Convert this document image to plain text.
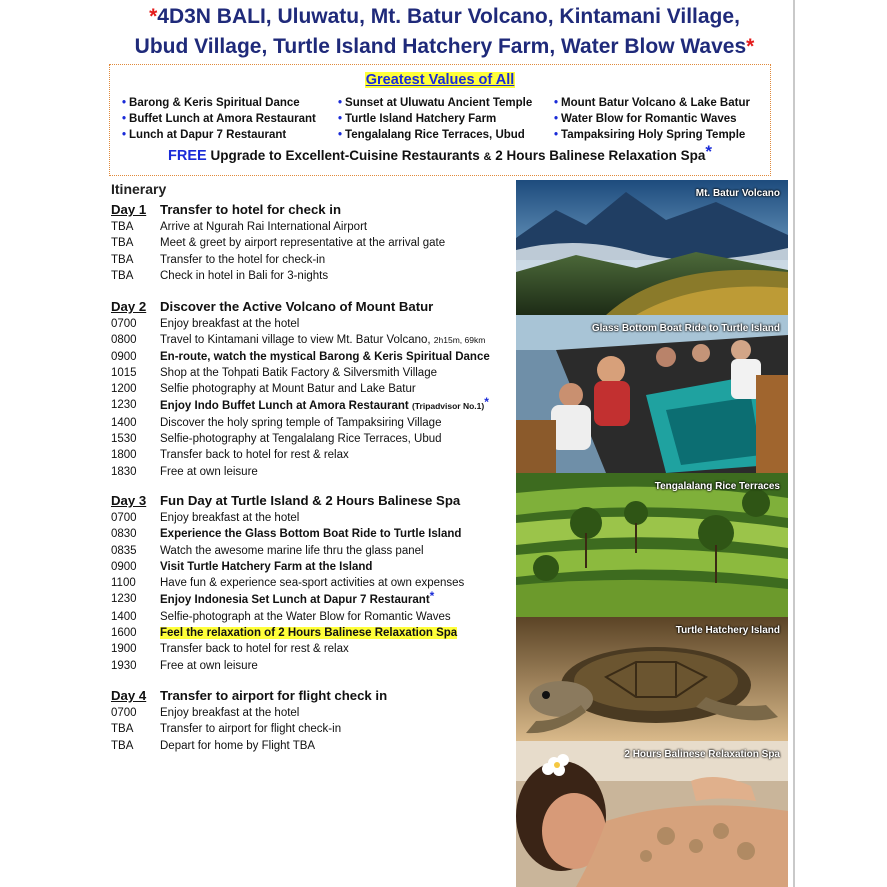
*4D3N BALI, Uluwatu, Mt. Batur Volcano, Kintamani Village,
Ubud Village, Turtle Island Hatchery Farm, Water Blow Waves*
Greatest Values of All
• Barong & Keris Spiritual Dance
• Buffet Lunch at Amora Restaurant
• Lunch at Dapur 7 Restaurant
• Sunset at Uluwatu Ancient Temple
• Turtle Island Hatchery Farm
• Tengalalang Rice Terraces, Ubud
• Mount Batur Volcano & Lake Batur
• Water Blow for Romantic Waves
• Tampaksiring Holy Spring Temple
FREE Upgrade to Excellent-Cuisine Restaurants & 2 Hours Balinese Relaxation Spa*
Itinerary
Day 1	Transfer to hotel for check in
TBA	Arrive at Ngurah Rai International Airport
TBA	Meet & greet by airport representative at the arrival gate
TBA	Transfer to the hotel for check-in
TBA	Check in hotel in Bali for 3-nights
Day 2	Discover the Active Volcano of Mount Batur
0700	Enjoy breakfast at the hotel
0800	Travel to Kintamani village to view Mt. Batur Volcano, 2h15m, 69km
0900	En-route, watch the mystical Barong & Keris Spiritual Dance
1015	Shop at the Tohpati Batik Factory & Silversmith Village
1200	Selfie photography at Mount Batur and Lake Batur
1230	Enjoy Indo Buffet Lunch at Amora Restaurant (Tripadvisor No.1)*
1400	Discover the holy spring temple of Tampaksiring Village
1530	Selfie-photography at Tengalalang Rice Terraces, Ubud
1800	Transfer back to hotel for rest & relax
1830	Free at own leisure
Day 3	Fun Day at Turtle Island & 2 Hours Balinese Spa
0700	Enjoy breakfast at the hotel
0830	Experience the Glass Bottom Boat Ride to Turtle Island
0835	Watch the awesome marine life thru the glass panel
0900	Visit Turtle Hatchery Farm at the Island
1100	Have fun & experience sea-sport activities at own expenses
1230	Enjoy Indonesia Set Lunch at Dapur 7 Restaurant*
1400	Selfie-photograph at the Water Blow for Romantic Waves
1600	Feel the relaxation of 2 Hours Balinese Relaxation Spa
1900	Transfer back to hotel for rest & relax
1930	Free at own leisure
Day 4	Transfer to airport for flight check in
0700	Enjoy breakfast at the hotel
TBA	Transfer to airport for flight check-in
TBA	Depart for home by Flight TBA
Mt. Batur Volcano
Glass Bottom Boat Ride to Turtle Island
Tengalalang Rice Terraces
Turtle Hatchery Island
2 Hours Balinese Relaxation Spa
